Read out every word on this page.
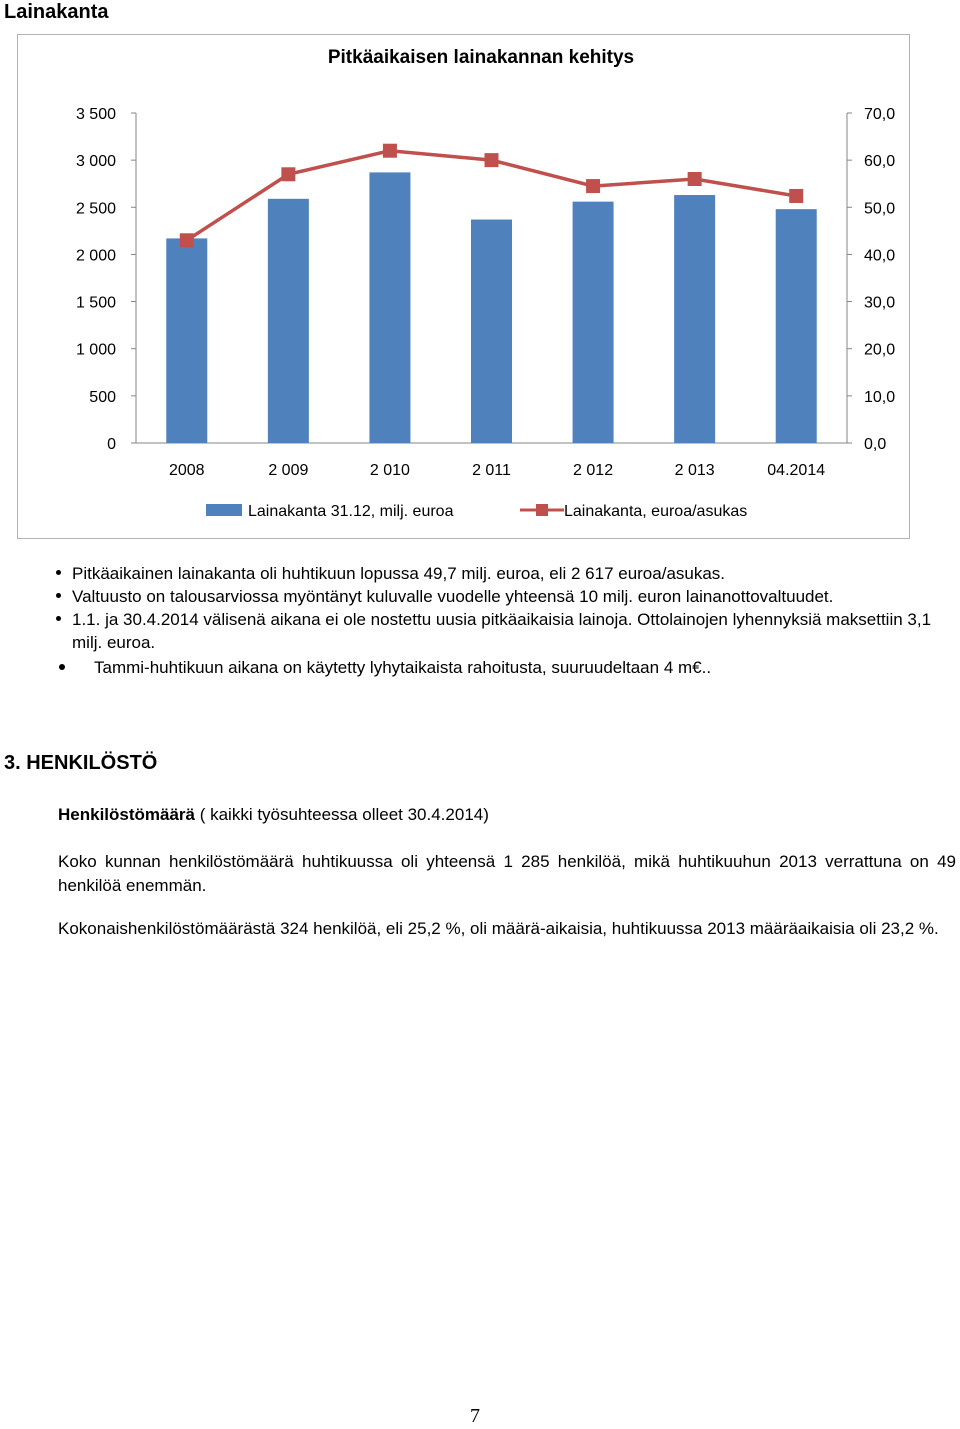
Lainakanta
Pitkäaikaisen lainakannan kehitys
0
500
1 000
1 500
2 000
2 500
3 000
3 500
0,0
10,0
20,0
30,0
40,0
50,0
60,0
70,0
2008	2 009	2 010	2 011	2 012	2 013	04.2014
Lainakanta 31.12, milj. euroa	Lainakanta, euroa/asukas
Pitkäaikainen lainakanta oli huhtikuun lopussa 49,7 milj. euroa, eli 2 617 euroa/asukas.
Valtuusto on talousarviossa myöntänyt kuluvalle vuodelle yhteensä 10 milj. euron lainanottovaltuudet.
1.1. ja 30.4.2014 välisenä aikana ei ole nostettu uusia pitkäaikaisia lainoja. Ottolainojen lyhennyksiä maksettiin 3,1 milj. euroa.
Tammi-huhtikuun aikana on käytetty lyhytaikaista rahoitusta, suuruudeltaan 4 m€..
3. HENKILÖSTÖ
Henkilöstömäärä ( kaikki työsuhteessa olleet 30.4.2014)
Koko kunnan henkilöstömäärä huhtikuussa oli yhteensä 1 285 henkilöä, mikä huhtikuuhun 2013 verrattuna on 49 henkilöä enemmän.
Kokonaishenkilöstömäärästä 324 henkilöä, eli 25,2 %, oli määrä-aikaisia, huhtikuussa 2013 määräaikaisia oli 23,2 %.
7
